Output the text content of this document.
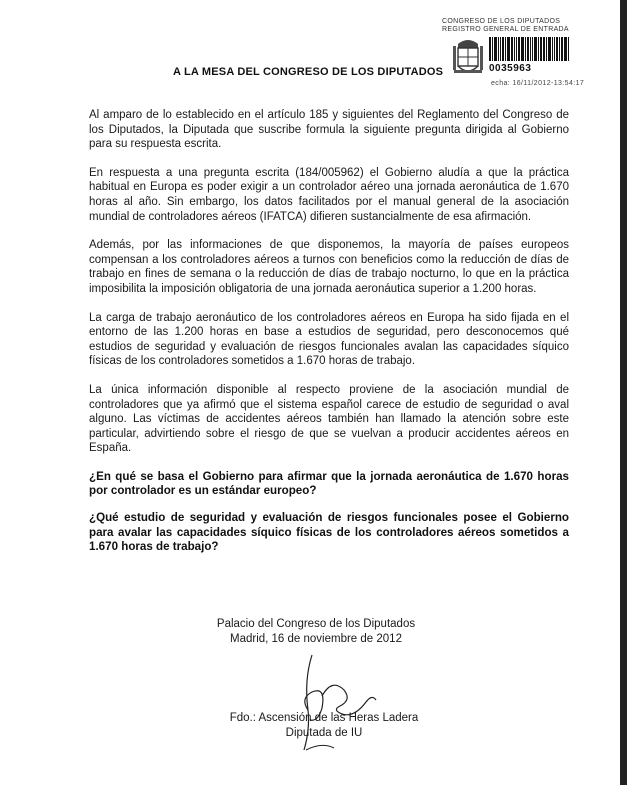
CONGRESO DE LOS DIPUTADOS
REGISTRO GENERAL DE ENTRADA
0035963
echa: 16/11/2012-13:54:17
A LA MESA DEL CONGRESO DE LOS DIPUTADOS

Al amparo de lo establecido en el artículo 185 y siguientes del Reglamento del Congreso de los Diputados, la Diputada que suscribe formula la siguiente pregunta dirigida al Gobierno para su respuesta escrita.

En respuesta a una pregunta escrita (184/005962) el Gobierno aludía a que la práctica habitual en Europa es poder exigir a un controlador aéreo una jornada aeronáutica de 1.670 horas al año. Sin embargo, los datos facilitados por el manual general de la asociación mundial de controladores aéreos (IFATCA) difieren sustancialmente de esa afirmación.

Además, por las informaciones de que disponemos, la mayoría de países europeos compensan a los controladores aéreos a turnos con beneficios como la reducción de días de trabajo en fines de semana o la reducción de días de trabajo nocturno, lo que en la práctica imposibilita la imposición obligatoria de una jornada aeronáutica superior a 1.200 horas.

La carga de trabajo aeronáutico de los controladores aéreos en Europa ha sido fijada en el entorno de las 1.200 horas en base a estudios de seguridad, pero desconocemos qué estudios de seguridad y evaluación de riesgos funcionales avalan las capacidades síquico físicas de los controladores sometidos a 1.670 horas de trabajo.

La única información disponible al respecto proviene de la asociación mundial de controladores que ya afirmó que el sistema español carece de estudio de seguridad o aval alguno. Las víctimas de accidentes aéreos también han llamado la atención sobre este particular, advirtiendo sobre el riesgo de que se vuelvan a producir accidentes aéreos en España.

¿En qué se basa el Gobierno para afirmar que la jornada aeronáutica de 1.670 horas por controlador es un estándar europeo?

¿Qué estudio de seguridad y evaluación de riesgos funcionales posee el Gobierno para avalar las capacidades síquico físicas de los controladores aéreos sometidos a 1.670 horas de trabajo?

Palacio del Congreso de los Diputados
Madrid, 16 de noviembre de 2012
Fdo.: Ascensión de las Heras Ladera
Diputada de IU
